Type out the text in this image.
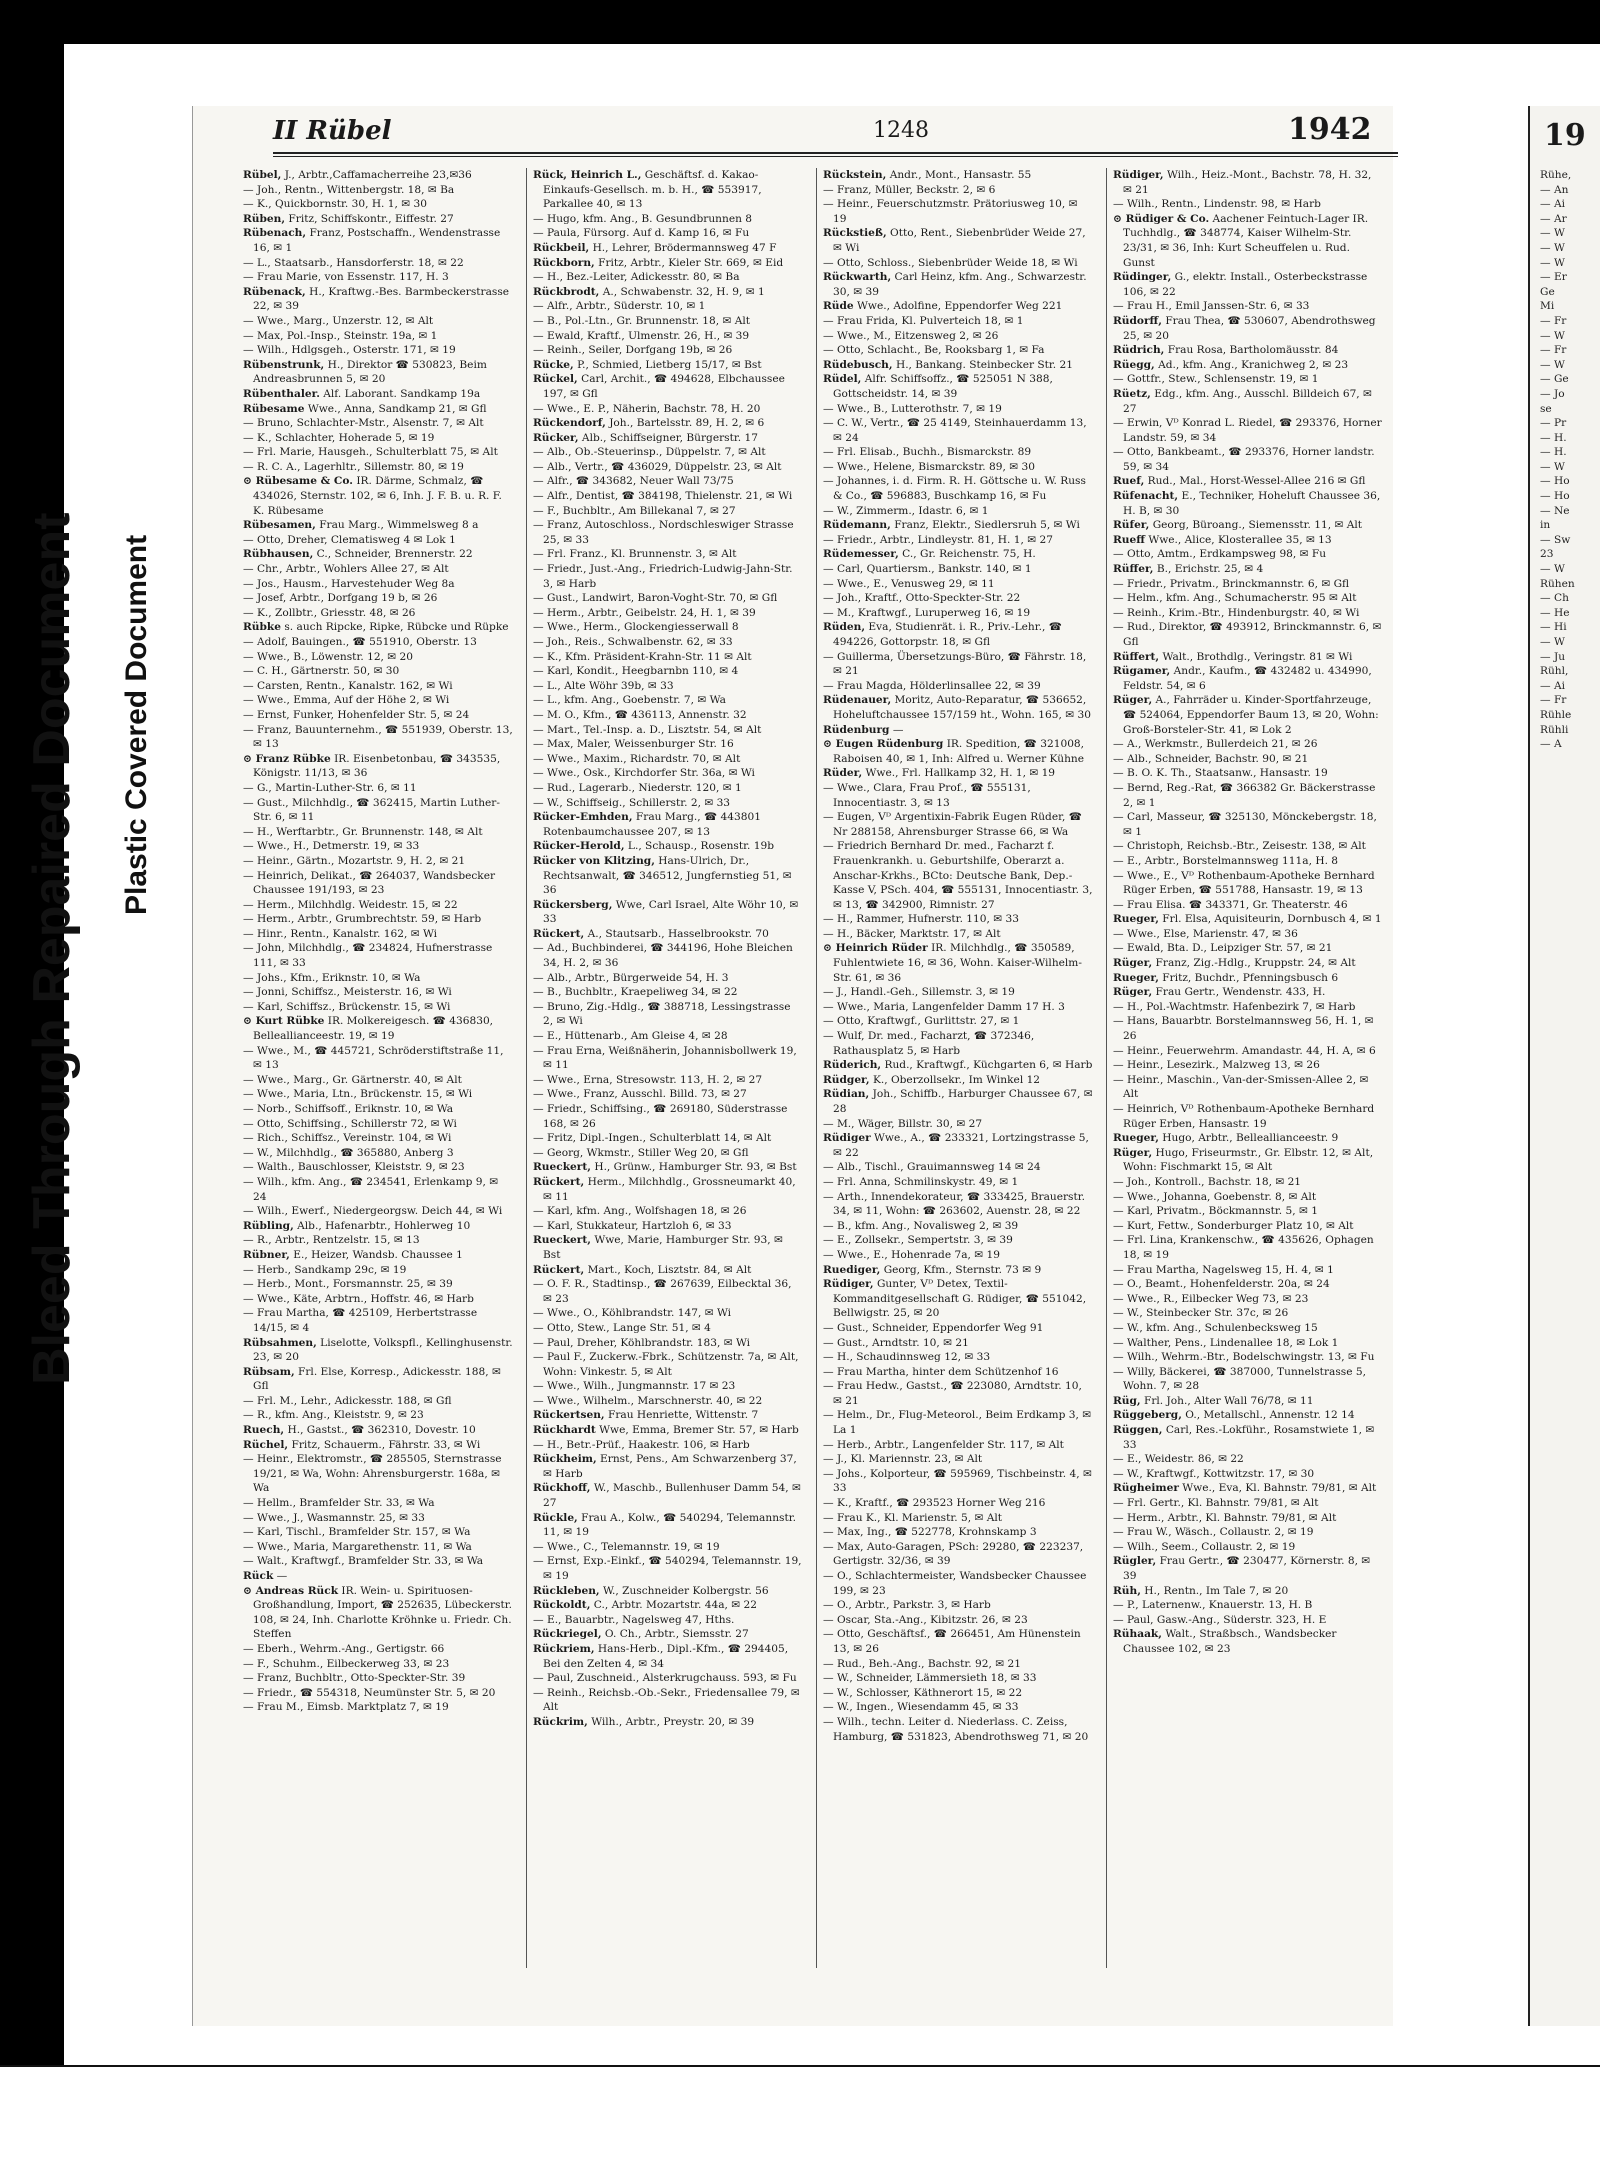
Bleed Through Repaired Document Plastic Covered Document
II Rübel	1248	1942

Rübel, J., Arbtr.,Caffamacherreihe 23,✉36

— Joh., Rentn., Wittenbergstr. 18, ✉ Ba

— K., Quickbornstr. 30, H. 1, ✉ 30

Rüben, Fritz, Schiffskontr., Eiffestr. 27

Rübenach, Franz, Postschaffn., Wendenstrasse 16, ✉ 1

— L., Staatsarb., Hansdorferstr. 18, ✉ 22

— Frau Marie, von Essenstr. 117, H. 3

Rübenack, H., Kraftwg.-Bes. Barmbeckerstrasse 22, ✉ 39

— Wwe., Marg., Unzerstr. 12, ✉ Alt

— Max, Pol.-Insp., Steinstr. 19a, ✉ 1

— Wilh., Hdlgsgeh., Osterstr. 171, ✉ 19

Rübenstrunk, H., Direktor ☎ 530823, Beim Andreasbrunnen 5, ✉ 20

Rübenthaler. Alf. Laborant. Sandkamp 19a

Rübesame Wwe., Anna, Sandkamp 21, ✉ Gfl

— Bruno, Schlachter-Mstr., Alsenstr. 7, ✉ Alt

— K., Schlachter, Hoherade 5, ✉ 19

— Frl. Marie, Hausgeh., Schulterblatt 75, ✉ Alt

— R. C. A., Lagerhltr., Sillemstr. 80, ✉ 19

⊙ Rübesame & Co. IR. Därme, Schmalz, ☎ 434026, Sternstr. 102, ✉ 6, Inh. J. F. B. u. R. F. K. Rübesame

Rübesamen, Frau Marg., Wimmelsweg 8 a

— Otto, Dreher, Clematisweg 4 ✉ Lok 1

Rübhausen, C., Schneider, Brennerstr. 22

— Chr., Arbtr., Wohlers Allee 27, ✉ Alt

— Jos., Hausm., Harvestehuder Weg 8a

— Josef, Arbtr., Dorfgang 19 b, ✉ 26

— K., Zollbtr., Griesstr. 48, ✉ 26

Rübke s. auch Ripcke, Ripke, Rübcke und Rüpke

— Adolf, Bauingen., ☎ 551910, Oberstr. 13

— Wwe., B., Löwenstr. 12, ✉ 20

— C. H., Gärtnerstr. 50, ✉ 30

— Carsten, Rentn., Kanalstr. 162, ✉ Wi

— Wwe., Emma, Auf der Höhe 2, ✉ Wi

— Ernst, Funker, Hohenfelder Str. 5, ✉ 24

— Franz, Bauunternehm., ☎ 551939, Oberstr. 13, ✉ 13

⊙ Franz Rübke IR. Eisenbetonbau, ☎ 343535, Königstr. 11/13, ✉ 36

— G., Martin-Luther-Str. 6, ✉ 11

— Gust., Milchhdlg., ☎ 362415, Martin Luther-Str. 6, ✉ 11

— H., Werftarbtr., Gr. Brunnenstr. 148, ✉ Alt

— Wwe., H., Detmerstr. 19, ✉ 33

— Heinr., Gärtn., Mozartstr. 9, H. 2, ✉ 21

— Heinrich, Delikat., ☎ 264037, Wandsbecker Chaussee 191/193, ✉ 23

— Herm., Milchhdlg. Weidestr. 15, ✉ 22

— Herm., Arbtr., Grumbrechtstr. 59, ✉ Harb

— Hinr., Rentn., Kanalstr. 162, ✉ Wi

— John, Milchhdlg., ☎ 234824, Hufnerstrasse 111, ✉ 33

— Johs., Kfm., Eriknstr. 10, ✉ Wa

— Jonni, Schiffsz., Meisterstr. 16, ✉ Wi

— Karl, Schiffsz., Brückenstr. 15, ✉ Wi

⊙ Kurt Rübke IR. Molkereigesch. ☎ 436830, Belleallianceestr. 19, ✉ 19

— Wwe., M., ☎ 445721, Schröderstiftstraße 11, ✉ 13

— Wwe., Marg., Gr. Gärtnerstr. 40, ✉ Alt

— Wwe., Maria, Ltn., Brückenstr. 15, ✉ Wi

— Norb., Schiffsoff., Eriknstr. 10, ✉ Wa

— Otto, Schiffsing., Schillerstr 72, ✉ Wi

— Rich., Schiffsz., Vereinstr. 104, ✉ Wi

— W., Milchhdlg., ☎ 365880, Anberg 3

— Walth., Bauschlosser, Kleiststr. 9, ✉ 23

— Wilh., kfm. Ang., ☎ 234541, Erlenkamp 9, ✉ 24

— Wilh., Ewerf., Niedergeorgsw. Deich 44, ✉ Wi

Rübling, Alb., Hafenarbtr., Hohlerweg 10

— R., Arbtr., Rentzelstr. 15, ✉ 13

Rübner, E., Heizer, Wandsb. Chaussee 1

— Herb., Sandkamp 29c, ✉ 19

— Herb., Mont., Forsmannstr. 25, ✉ 39

— Wwe., Käte, Arbtrn., Hoffstr. 46, ✉ Harb

— Frau Martha, ☎ 425109, Herbertstrasse 14/15, ✉ 4

Rübsahmen, Liselotte, Volkspfl., Kellinghusenstr. 23, ✉ 20

Rübsam, Frl. Else, Korresp., Adickesstr. 188, ✉ Gfl

— Frl. M., Lehr., Adickesstr. 188, ✉ Gfl

— R., kfm. Ang., Kleiststr. 9, ✉ 23

Ruech, H., Gastst., ☎ 362310, Dovestr. 10

Rüchel, Fritz, Schauerm., Fährstr. 33, ✉ Wi

— Heinr., Elektromstr., ☎ 285505, Sternstrasse 19/21, ✉ Wa, Wohn: Ahrensburgerstr. 168a, ✉ Wa

— Hellm., Bramfelder Str. 33, ✉ Wa

— Wwe., J., Wasmannstr. 25, ✉ 33

— Karl, Tischl., Bramfelder Str. 157, ✉ Wa

— Wwe., Maria, Margarethenstr. 11, ✉ Wa

— Walt., Kraftwgf., Bramfelder Str. 33, ✉ Wa

Rück —

⊙ Andreas Rück IR. Wein- u. Spirituosen-Großhandlung, Import, ☎ 252635, Lübeckerstr. 108, ✉ 24, Inh. Charlotte Kröhnke u. Friedr. Ch. Steffen

— Eberh., Wehrm.-Ang., Gertigstr. 66

— F., Schuhm., Eilbeckerweg 33, ✉ 23

— Franz, Buchbltr., Otto-Speckter-Str. 39

— Friedr., ☎ 554318, Neumünster Str. 5, ✉ 20

— Frau M., Eimsb. Marktplatz 7, ✉ 19

Rück, Heinrich L., Geschäftsf. d. Kakao-Einkaufs-Gesellsch. m. b. H., ☎ 553917, Parkallee 40, ✉ 13

— Hugo, kfm. Ang., B. Gesundbrunnen 8

— Paula, Fürsorg. Auf d. Kamp 16, ✉ Fu

Rückbeil, H., Lehrer, Brödermannsweg 47 F

Rückborn, Fritz, Arbtr., Kieler Str. 669, ✉ Eid

— H., Bez.-Leiter, Adickesstr. 80, ✉ Ba

Rückbrodt, A., Schwabenstr. 32, H. 9, ✉ 1

— Alfr., Arbtr., Süderstr. 10, ✉ 1

— B., Pol.-Ltn., Gr. Brunnenstr. 18, ✉ Alt

— Ewald, Kraftf., Ulmenstr. 26, H., ✉ 39

— Reinh., Seiler, Dorfgang 19b, ✉ 26

Rücke, P., Schmied, Lietberg 15/17, ✉ Bst

Rückel, Carl, Archit., ☎ 494628, Elbchaussee 197, ✉ Gfl

— Wwe., E. P., Näherin, Bachstr. 78, H. 20

Rückendorf, Joh., Bartelsstr. 89, H. 2, ✉ 6

Rücker, Alb., Schiffseigner, Bürgerstr. 17

— Alb., Ob.-Steuerinsp., Düppelstr. 7, ✉ Alt

— Alb., Vertr., ☎ 436029, Düppelstr. 23, ✉ Alt

— Alfr., ☎ 343682, Neuer Wall 73/75

— Alfr., Dentist, ☎ 384198, Thielenstr. 21, ✉ Wi

— F., Buchbltr., Am Billekanal 7, ✉ 27

— Franz, Autoschloss., Nordschleswiger Strasse 25, ✉ 33

— Frl. Franz., Kl. Brunnenstr. 3, ✉ Alt

— Friedr., Just.-Ang., Friedrich-Ludwig-Jahn-Str. 3, ✉ Harb

— Gust., Landwirt, Baron-Voght-Str. 70, ✉ Gfl

— Herm., Arbtr., Geibelstr. 24, H. 1, ✉ 39

— Wwe., Herm., Glockengiesserwall 8

— Joh., Reis., Schwalbenstr. 62, ✉ 33

— K., Kfm. Präsident-Krahn-Str. 11 ✉ Alt

— Karl, Kondit., Heegbarnbn 110, ✉ 4

— L., Alte Wöhr 39b, ✉ 33

— L., kfm. Ang., Goebenstr. 7, ✉ Wa

— M. O., Kfm., ☎ 436113, Annenstr. 32

— Mart., Tel.-Insp. a. D., Lisztstr. 54, ✉ Alt

— Max, Maler, Weissenburger Str. 16

— Wwe., Maxim., Richardstr. 70, ✉ Alt

— Wwe., Osk., Kirchdorfer Str. 36a, ✉ Wi

— Rud., Lagerarb., Niederstr. 120, ✉ 1

— W., Schiffseig., Schillerstr. 2, ✉ 33

Rücker-Emhden, Frau Marg., ☎ 443801 Rotenbaumchaussee 207, ✉ 13

Rücker-Herold, L., Schausp., Rosenstr. 19b

Rücker von Klitzing, Hans-Ulrich, Dr., Rechtsanwalt, ☎ 346512, Jungfernstieg 51, ✉ 36

Rückersberg, Wwe, Carl Israel, Alte Wöhr 10, ✉ 33

Rückert, A., Stautsarb., Hasselbrookstr. 70

— Ad., Buchbinderei, ☎ 344196, Hohe Bleichen 34, H. 2, ✉ 36

— Alb., Arbtr., Bürgerweide 54, H. 3

— B., Buchbltr., Kraepeliweg 34, ✉ 22

— Bruno, Zig.-Hdlg., ☎ 388718, Lessingstrasse 2, ✉ Wi

— E., Hüttenarb., Am Gleise 4, ✉ 28

— Frau Erna, Weißnäherin, Johannisbollwerk 19, ✉ 11

— Wwe., Erna, Stresowstr. 113, H. 2, ✉ 27

— Wwe., Franz, Ausschl. Billd. 73, ✉ 27

— Friedr., Schiffsing., ☎ 269180, Süderstrasse 168, ✉ 26

— Fritz, Dipl.-Ingen., Schulterblatt 14, ✉ Alt

— Georg, Wkmstr., Stiller Weg 20, ✉ Gfl

Rueckert, H., Grünw., Hamburger Str. 93, ✉ Bst

Rückert, Herm., Milchhdlg., Grossneumarkt 40, ✉ 11

— Karl, kfm. Ang., Wolfshagen 18, ✉ 26

— Karl, Stukkateur, Hartzloh 6, ✉ 33

Rueckert, Wwe, Marie, Hamburger Str. 93, ✉ Bst

Rückert, Mart., Koch, Lisztstr. 84, ✉ Alt

— O. F. R., Stadtinsp., ☎ 267639, Eilbecktal 36, ✉ 23

— Wwe., O., Köhlbrandstr. 147, ✉ Wi

— Otto, Stew., Lange Str. 51, ✉ 4

— Paul, Dreher, Köhlbrandstr. 183, ✉ Wi

— Paul F., Zuckerw.-Fbrk., Schützenstr. 7a, ✉ Alt, Wohn: Vinkestr. 5, ✉ Alt

— Wwe., Wilh., Jungmannstr. 17 ✉ 23

— Wwe., Wilhelm., Marschnerstr. 40, ✉ 22

Rückertsen, Frau Henriette, Wittenstr. 7

Rückhardt Wwe, Emma, Bremer Str. 57, ✉ Harb

— H., Betr.-Prüf., Haakestr. 106, ✉ Harb

Rückheim, Ernst, Pens., Am Schwarzenberg 37, ✉ Harb

Rückhoff, W., Maschb., Bullenhuser Damm 54, ✉ 27

Rückle, Frau A., Kolw., ☎ 540294, Telemannstr. 11, ✉ 19

— Wwe., C., Telemannstr. 19, ✉ 19

— Ernst, Exp.-Einkf., ☎ 540294, Telemannstr. 19, ✉ 19

Rückleben, W., Zuschneider Kolbergstr. 56

Rückoldt, C., Arbtr. Mozartstr. 44a, ✉ 22

— E., Bauarbtr., Nagelsweg 47, Hths.

Rückriegel, O. Ch., Arbtr., Siemsstr. 27

Rückriem, Hans-Herb., Dipl.-Kfm., ☎ 294405, Bei den Zelten 4, ✉ 34

— Paul, Zuschneid., Alsterkrugchauss. 593, ✉ Fu

— Reinh., Reichsb.-Ob.-Sekr., Friedensallee 79, ✉ Alt

Rückrim, Wilh., Arbtr., Preystr. 20, ✉ 39

Rückstein, Andr., Mont., Hansastr. 55

— Franz, Müller, Beckstr. 2, ✉ 6

— Heinr., Feuerschutzmstr. Prätoriusweg 10, ✉ 19

Rückstieß, Otto, Rent., Siebenbrüder Weide 27, ✉ Wi

— Otto, Schloss., Siebenbrüder Weide 18, ✉ Wi

Rückwarth, Carl Heinz, kfm. Ang., Schwarzestr. 30, ✉ 39

Rüde Wwe., Adolfine, Eppendorfer Weg 221

— Frau Frida, Kl. Pulverteich 18, ✉ 1

— Wwe., M., Eitzensweg 2, ✉ 26

— Otto, Schlacht., Be, Rooksbarg 1, ✉ Fa

Rüdebusch, H., Bankang. Steinbecker Str. 21

Rüdel, Alfr. Schiffsoffz., ☎ 525051 N 388, Gottscheidstr. 14, ✉ 39

— Wwe., B., Lutterothstr. 7, ✉ 19

— C. W., Vertr., ☎ 25 4149, Steinhauerdamm 13, ✉ 24

— Frl. Elisab., Buchh., Bismarckstr. 89

— Wwe., Helene, Bismarckstr. 89, ✉ 30

— Johannes, i. d. Firm. R. H. Göttsche u. W. Russ & Co., ☎ 596883, Buschkamp 16, ✉ Fu

— W., Zimmerm., Idastr. 6, ✉ 1

Rüdemann, Franz, Elektr., Siedlersruh 5, ✉ Wi

— Friedr., Arbtr., Lindleystr. 81, H. 1, ✉ 27

Rüdemesser, C., Gr. Reichenstr. 75, H.

— Carl, Quartiersm., Bankstr. 140, ✉ 1

— Wwe., E., Venusweg 29, ✉ 11

— Joh., Kraftf., Otto-Speckter-Str. 22

— M., Kraftwgf., Luruperweg 16, ✉ 19

Rüden, Eva, Studienrät. i. R., Priv.-Lehr., ☎ 494226, Gottorpstr. 18, ✉ Gfl

— Guillerma, Übersetzungs-Büro, ☎ Fährstr. 18, ✉ 21

— Frau Magda, Hölderlinsallee 22, ✉ 39

Rüdenauer, Moritz, Auto-Reparatur, ☎ 536652, Hoheluftchaussee 157/159 ht., Wohn. 165, ✉ 30

Rüdenburg —

⊙ Eugen Rüdenburg IR. Spedition, ☎ 321008, Raboisen 40, ✉ 1, Inh: Alfred u. Werner Kühne

Rüder, Wwe., Frl. Hallkamp 32, H. 1, ✉ 19

— Wwe., Clara, Frau Prof., ☎ 555131, Innocentiastr. 3, ✉ 13

— Eugen, Vᴰ Argentixin-Fabrik Eugen Rüder, ☎ Nr 288158, Ahrensburger Strasse 66, ✉ Wa

— Friedrich Bernhard Dr. med., Facharzt f. Frauenkrankh. u. Geburtshilfe, Oberarzt a. Anschar-Krkhs., BCto: Deutsche Bank, Dep.-Kasse V, PSch. 404, ☎ 555131, Innocentiastr. 3, ✉ 13, ☎ 342900, Rimnistr. 27

— H., Rammer, Hufnerstr. 110, ✉ 33

— H., Bäcker, Marktstr. 17, ✉ Alt

⊙ Heinrich Rüder IR. Milchhdlg., ☎ 350589, Fuhlentwiete 16, ✉ 36, Wohn. Kaiser-Wilhelm-Str. 61, ✉ 36

— J., Handl.-Geh., Sillemstr. 3, ✉ 19

— Wwe., Maria, Langenfelder Damm 17 H. 3

— Otto, Kraftwgf., Gurlittstr. 27, ✉ 1

— Wulf, Dr. med., Facharzt, ☎ 372346, Rathausplatz 5, ✉ Harb

Rüderich, Rud., Kraftwgf., Küchgarten 6, ✉ Harb

Rüdger, K., Oberzollsekr., Im Winkel 12

Rüdian, Joh., Schiffb., Harburger Chaussee 67, ✉ 28

— M., Wäger, Billstr. 30, ✉ 27

Rüdiger Wwe., A., ☎ 233321, Lortzingstrasse 5, ✉ 22

— Alb., Tischl., Grauimannsweg 14 ✉ 24

— Frl. Anna, Schmilinskystr. 49, ✉ 1

— Arth., Innendekorateur, ☎ 333425, Brauerstr. 34, ✉ 11, Wohn: ☎ 263602, Auenstr. 28, ✉ 22

— B., kfm. Ang., Novalisweg 2, ✉ 39

— E., Zollsekr., Sempertstr. 3, ✉ 39

— Wwe., E., Hohenrade 7a, ✉ 19

Ruediger, Georg, Kfm., Sternstr. 73 ✉ 9

Rüdiger, Gunter, Vᴰ Detex, Textil-Kommanditgesellschaft G. Rüdiger, ☎ 551042, Bellwigstr. 25, ✉ 20

— Gust., Schneider, Eppendorfer Weg 91

— Gust., Arndtstr. 10, ✉ 21

— H., Schaudinnsweg 12, ✉ 33

— Frau Martha, hinter dem Schützenhof 16

— Frau Hedw., Gastst., ☎ 223080, Arndtstr. 10, ✉ 21

— Helm., Dr., Flug-Meteorol., Beim Erdkamp 3, ✉ La 1

— Herb., Arbtr., Langenfelder Str. 117, ✉ Alt

— J., Kl. Mariennstr. 23, ✉ Alt

— Johs., Kolporteur, ☎ 595969, Tischbeinstr. 4, ✉ 33

— K., Kraftf., ☎ 293523 Horner Weg 216

— Frau K., Kl. Marienstr. 5, ✉ Alt

— Max, Ing., ☎ 522778, Krohnskamp 3

— Max, Auto-Garagen, PSch: 29280, ☎ 223237, Gertigstr. 32/36, ✉ 39

— O., Schlachtermeister, Wandsbecker Chaussee 199, ✉ 23

— O., Arbtr., Parkstr. 3, ✉ Harb

— Oscar, Sta.-Ang., Kibitzstr. 26, ✉ 23

— Otto, Geschäftsf., ☎ 266451, Am Hünenstein 13, ✉ 26

— Rud., Beh.-Ang., Bachstr. 92, ✉ 21

— W., Schneider, Lämmersieth 18, ✉ 33

— W., Schlosser, Käthnerort 15, ✉ 22

— W., Ingen., Wiesendamm 45, ✉ 33

— Wilh., techn. Leiter d. Niederlass. C. Zeiss, Hamburg, ☎ 531823, Abendrothsweg 71, ✉ 20

Rüdiger, Wilh., Heiz.-Mont., Bachstr. 78, H. 32, ✉ 21

— Wilh., Rentn., Lindenstr. 98, ✉ Harb

⊙ Rüdiger & Co. Aachener Feintuch-Lager IR. Tuchhdlg., ☎ 348774, Kaiser Wilhelm-Str. 23/31, ✉ 36, Inh: Kurt Scheuffelen u. Rud. Gunst

Rüdinger, G., elektr. Install., Osterbeckstrasse 106, ✉ 22

— Frau H., Emil Janssen-Str. 6, ✉ 33

Rüdorff, Frau Thea, ☎ 530607, Abendrothsweg 25, ✉ 20

Rüdrich, Frau Rosa, Bartholomäusstr. 84

Rüegg, Ad., kfm. Ang., Kranichweg 2, ✉ 23

— Gottfr., Stew., Schlensenstr. 19, ✉ 1

Rüetz, Edg., kfm. Ang., Ausschl. Billdeich 67, ✉ 27

— Erwin, Vᴰ Konrad L. Riedel, ☎ 293376, Horner Landstr. 59, ✉ 34

— Otto, Bankbeamt., ☎ 293376, Horner landstr. 59, ✉ 34

Ruef, Rud., Mal., Horst-Wessel-Allee 216 ✉ Gfl

Rüfenacht, E., Techniker, Hoheluft Chaussee 36, H. B, ✉ 30

Rüfer, Georg, Büroang., Siemensstr. 11, ✉ Alt

Rueff Wwe., Alice, Klosterallee 35, ✉ 13

— Otto, Amtm., Erdkampsweg 98, ✉ Fu

Rüffer, B., Erichstr. 25, ✉ 4

— Friedr., Privatm., Brinckmannstr. 6, ✉ Gfl

— Helm., kfm. Ang., Schumacherstr. 95 ✉ Alt

— Reinh., Krim.-Btr., Hindenburgstr. 40, ✉ Wi

— Rud., Direktor, ☎ 493912, Brinckmannstr. 6, ✉ Gfl

Rüffert, Walt., Brothdlg., Veringstr. 81 ✉ Wi

Rügamer, Andr., Kaufm., ☎ 432482 u. 434990, Feldstr. 54, ✉ 6

Rüger, A., Fahrräder u. Kinder-Sportfahrzeuge, ☎ 524064, Eppendorfer Baum 13, ✉ 20, Wohn: Groß-Borsteler-Str. 41, ✉ Lok 2

— A., Werkmstr., Bullerdeich 21, ✉ 26

— Alb., Schneider, Bachstr. 90, ✉ 21

— B. O. K. Th., Staatsanw., Hansastr. 19

— Bernd, Reg.-Rat, ☎ 366382 Gr. Bäckerstrasse 2, ✉ 1

— Carl, Masseur, ☎ 325130, Mönckebergstr. 18, ✉ 1

— Christoph, Reichsb.-Btr., Zeisestr. 138, ✉ Alt

— E., Arbtr., Borstelmannsweg 111a, H. 8

— Wwe., E., Vᴰ Rothenbaum-Apotheke Bernhard Rüger Erben, ☎ 551788, Hansastr. 19, ✉ 13

— Frau Elisa. ☎ 343371, Gr. Theaterstr. 46

Rueger, Frl. Elsa, Aquisiteurin, Dornbusch 4, ✉ 1

— Wwe., Else, Marienstr. 47, ✉ 36

— Ewald, Bta. D., Leipziger Str. 57, ✉ 21

Rüger, Franz, Zig.-Hdlg., Kruppstr. 24, ✉ Alt

Rueger, Fritz, Buchdr., Pfenningsbusch 6

Rüger, Frau Gertr., Wendenstr. 433, H.

— H., Pol.-Wachtmstr. Hafenbezirk 7, ✉ Harb

— Hans, Bauarbtr. Borstelmannsweg 56, H. 1, ✉ 26

— Heinr., Feuerwehrm. Amandastr. 44, H. A, ✉ 6

— Heinr., Lesezirk., Malzweg 13, ✉ 26

— Heinr., Maschin., Van-der-Smissen-Allee 2, ✉ Alt

— Heinrich, Vᴰ Rothenbaum-Apotheke Bernhard Rüger Erben, Hansastr. 19

Rueger, Hugo, Arbtr., Belleallianceestr. 9

Rüger, Hugo, Friseurmstr., Gr. Elbstr. 12, ✉ Alt, Wohn: Fischmarkt 15, ✉ Alt

— Joh., Kontroll., Bachstr. 18, ✉ 21

— Wwe., Johanna, Goebenstr. 8, ✉ Alt

— Karl, Privatm., Böckmannstr. 5, ✉ 1

— Kurt, Fettw., Sonderburger Platz 10, ✉ Alt

— Frl. Lina, Krankenschw., ☎ 435626, Ophagen 18, ✉ 19

— Frau Martha, Nagelsweg 15, H. 4, ✉ 1

— O., Beamt., Hohenfelderstr. 20a, ✉ 24

— Wwe., R., Eilbecker Weg 73, ✉ 23

— W., Steinbecker Str. 37c, ✉ 26

— W., kfm. Ang., Schulenbecksweg 15

— Walther, Pens., Lindenallee 18, ✉ Lok 1

— Wilh., Wehrm.-Btr., Bodelschwingstr. 13, ✉ Fu

— Willy, Bäckerei, ☎ 387000, Tunnelstrasse 5, Wohn. 7, ✉ 28

Rüg, Frl. Joh., Alter Wall 76/78, ✉ 11

Rüggeberg, O., Metallschl., Annenstr. 12 14

Rüggen, Carl, Res.-Lokführ., Rosamstwiete 1, ✉ 33

— E., Weidestr. 86, ✉ 22

— W., Kraftwgf., Kottwitzstr. 17, ✉ 30

Rügheimer Wwe., Eva, Kl. Bahnstr. 79/81, ✉ Alt

— Frl. Gertr., Kl. Bahnstr. 79/81, ✉ Alt

— Herm., Arbtr., Kl. Bahnstr. 79/81, ✉ Alt

— Frau W., Wäsch., Collaustr. 2, ✉ 19

— Wilh., Seem., Collaustr. 2, ✉ 19

Rügler, Frau Gertr., ☎ 230477, Körnerstr. 8, ✉ 39

Rüh, H., Rentn., Im Tale 7, ✉ 20

— P., Laternenw., Knauerstr. 13, H. B

— Paul, Gasw.-Ang., Süderstr. 323, H. E

Rühaak, Walt., Straßbsch., Wandsbecker Chaussee 102, ✉ 23

19
Rühe,
— An
— Ai
— Ar
— W
— W
— W
— Er
Ge
Mi
— Fr
— W
— Fr
— W
— Ge
— Jo
se
— Pr
— H.
— H.
— W
— Ho
— Ho
— Ne
in
— Sw
23
— W
Rühen
— Ch
— He
— Hi
— W
— Ju
Rühl,
— Ai
— Fr
Rühle
Rühli
— A
